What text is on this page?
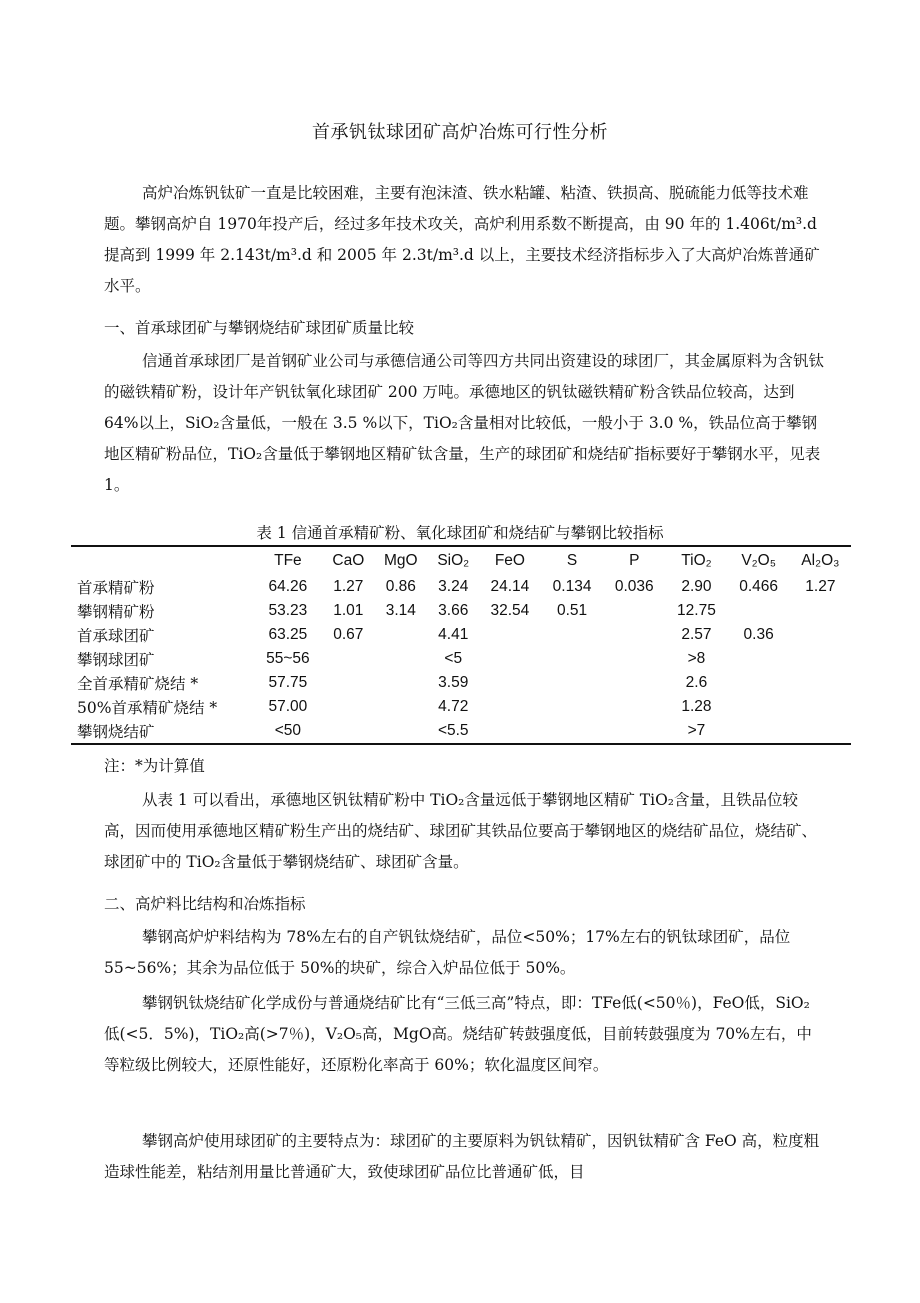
首承钒钛球团矿高炉冶炼可行性分析

高炉冶炼钒钛矿一直是比较困难，主要有泡沫渣、铁水粘罐、粘渣、铁损高、脱硫能力低等技术难题。攀钢高炉自 1970年投产后，经过多年技术攻关，高炉利用系数不断提高，由 90 年的 1.406t/m³.d 提高到 1999 年 2.143t/m³.d 和 2005 年 2.3t/m³.d 以上，主要技术经济指标步入了大高炉冶炼普通矿水平。

一、首承球团矿与攀钢烧结矿球团矿质量比较

信通首承球团厂是首钢矿业公司与承德信通公司等四方共同出资建设的球团厂，其金属原料为含钒钛的磁铁精矿粉，设计年产钒钛氧化球团矿 200 万吨。承德地区的钒钛磁铁精矿粉含铁品位较高，达到 64%以上，SiO₂含量低，一般在 3.5 %以下，TiO₂含量相对比较低，一般小于 3.0 %，铁品位高于攀钢地区精矿粉品位，TiO₂含量低于攀钢地区精矿钛含量，生产的球团矿和烧结矿指标要好于攀钢水平，见表 1。

表 1 信通首承精矿粉、氧化球团矿和烧结矿与攀钢比较指标
	TFe	CaO	MgO	SiO₂	FeO	S	P	TiO₂	V₂O₅	Al₂O₃
首承精矿粉	64.26	1.27	0.86	3.24	24.14	0.134	0.036	2.90	0.466	1.27
攀钢精矿粉	53.23	1.01	3.14	3.66	32.54	0.51		12.75		
首承球团矿	63.25	0.67		4.41				2.57	0.36	
攀钢球团矿	55~56			<5				>8		
全首承精矿烧结 *	57.75			3.59				2.6		
50%首承精矿烧结 *	57.00			4.72				1.28		
攀钢烧结矿	<50			<5.5				>7		
注：*为计算值

从表 1 可以看出，承德地区钒钛精矿粉中 TiO₂含量远低于攀钢地区精矿 TiO₂含量，且铁品位较高，因而使用承德地区精矿粉生产出的烧结矿、球团矿其铁品位要高于攀钢地区的烧结矿品位，烧结矿、球团矿中的 TiO₂含量低于攀钢烧结矿、球团矿含量。

二、高炉料比结构和冶炼指标

攀钢高炉炉料结构为 78%左右的自产钒钛烧结矿，品位<50%；17%左右的钒钛球团矿，品位 55~56%；其余为品位低于 50%的块矿，综合入炉品位低于 50%。

攀钢钒钛烧结矿化学成份与普通烧结矿比有“三低三高”特点，即：TFe低(<50％)，FeO低，SiO₂低(<5．5%)，TiO₂高(>7％)，V₂O₅高，MgO高。烧结矿转鼓强度低，目前转鼓强度为 70%左右，中等粒级比例较大，还原性能好，还原粉化率高于 60%；软化温度区间窄。

攀钢高炉使用球团矿的主要特点为：球团矿的主要原料为钒钛精矿，因钒钛精矿含 FeO 高，粒度粗造球性能差，粘结剂用量比普通矿大，致使球团矿品位比普通矿低，目
